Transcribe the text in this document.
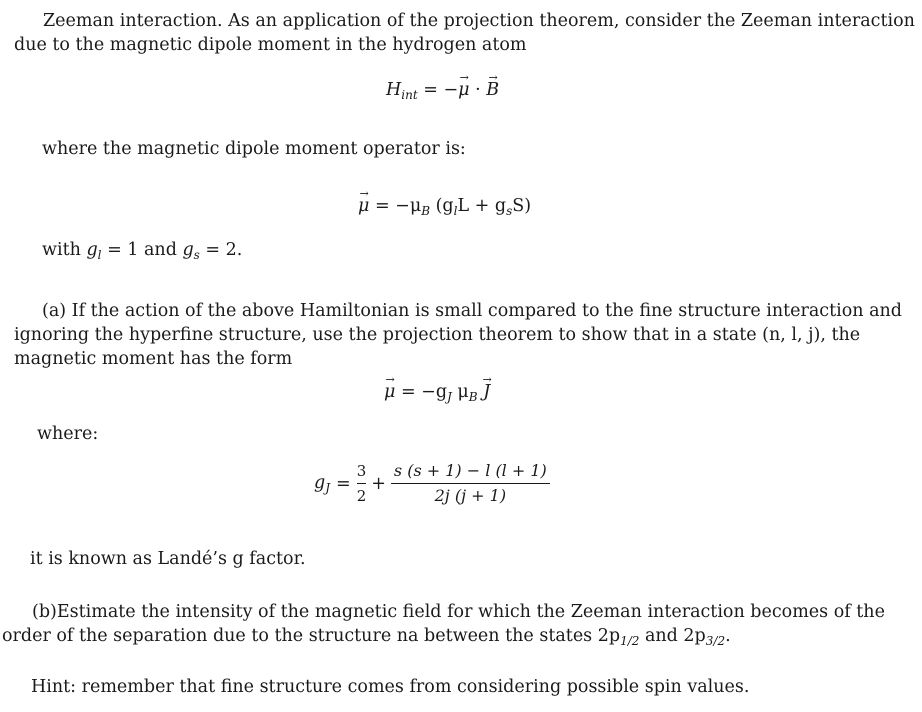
Zeeman interaction. As an application of the projection theorem, consider the Zeeman interaction
due to the magnetic dipole moment in the hydrogen atom
$H_{int}$ = −→ μ · → B
where the magnetic dipole moment operator is:
→ $\mu = -\mu_B$ $(g_lL + g_sS)$
with $g_l = 1$ and $g_s = 2$.
(a) If the action of the above Hamiltonian is small compared to the fine structure interaction and
ignoring the hyperfine structure, use the projection theorem to show that in a state (n, l, j), the
magnetic moment has the form
→ $\mu = -g_J$ $\mu_B \to J$
where:
$g_J = \frac{3}{2} + \frac{s (s + 1) - l (l + 1)}{2j (j + 1)}$
it is known as Landé’s g factor.
(b)Estimate the intensity of the magnetic field for which the Zeeman interaction becomes of the
order of the separation due to the structure na between the states $2p_{1/2}$ and $2p_{3/2}$.
Hint: remember that fine structure comes from considering possible spin values.
